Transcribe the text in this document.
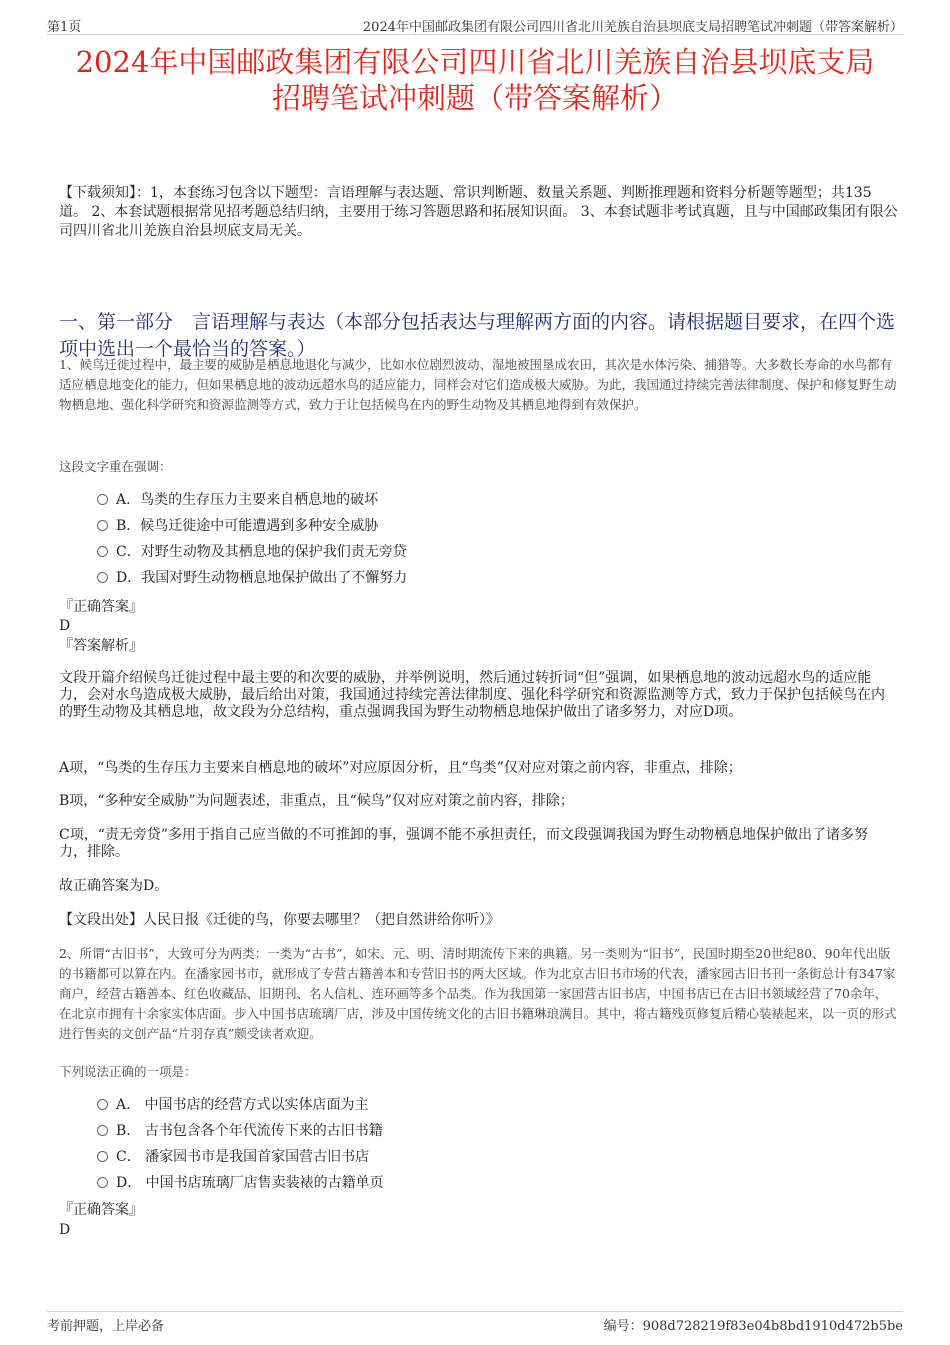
第1页	2024年中国邮政集团有限公司四川省北川羌族自治县坝底支局招聘笔试冲刺题（带答案解析）
2024年中国邮政集团有限公司四川省北川羌族自治县坝底支局
招聘笔试冲刺题（带答案解析）
【下载须知】：1，本套练习包含以下题型：言语理解与表达题、常识判断题、数量关系题、判断推理题和资料分析题等题型；共135道。 2、本套试题根据常见招考题总结归纳，主要用于练习答题思路和拓展知识面。 3、本套试题非考试真题，且与中国邮政集团有限公司四川省北川羌族自治县坝底支局无关。
一、第一部分　言语理解与表达（本部分包括表达与理解两方面的内容。请根据题目要求，在四个选项中选出一个最恰当的答案。）
1、候鸟迁徙过程中，最主要的威胁是栖息地退化与减少，比如水位剧烈波动、湿地被围垦成农田，其次是水体污染、捕猎等。大多数长寿命的水鸟都有适应栖息地变化的能力，但如果栖息地的波动远超水鸟的适应能力，同样会对它们造成极大威胁。为此，我国通过持续完善法律制度、保护和修复野生动物栖息地、强化科学研究和资源监测等方式，致力于让包括候鸟在内的野生动物及其栖息地得到有效保护。
这段文字重在强调：
A．鸟类的生存压力主要来自栖息地的破坏
B．候鸟迁徙途中可能遭遇到多种安全威胁
C．对野生动物及其栖息地的保护我们责无旁贷
D．我国对野生动物栖息地保护做出了不懈努力
『正确答案』
D
『答案解析』
文段开篇介绍候鸟迁徙过程中最主要的和次要的威胁，并举例说明，然后通过转折词“但”强调，如果栖息地的波动远超水鸟的适应能力，会对水鸟造成极大威胁，最后给出对策，我国通过持续完善法律制度、强化科学研究和资源监测等方式，致力于保护包括候鸟在内的野生动物及其栖息地，故文段为分总结构，重点强调我国为野生动物栖息地保护做出了诸多努力，对应D项。
A项，“鸟类的生存压力主要来自栖息地的破坏”对应原因分析，且“鸟类”仅对应对策之前内容，非重点，排除；
B项，“多种安全威胁”为问题表述，非重点，且“候鸟”仅对应对策之前内容，排除；
C项，“责无旁贷”多用于指自己应当做的不可推卸的事，强调不能不承担责任，而文段强调我国为野生动物栖息地保护做出了诸多努力，排除。
故正确答案为D。
【文段出处】人民日报《迁徙的鸟，你要去哪里？（把自然讲给你听）》
2、所谓“古旧书”，大致可分为两类：一类为“古书”，如宋、元、明、清时期流传下来的典籍。另一类则为“旧书”，民国时期至20世纪80、90年代出版的书籍都可以算在内。在潘家园书市，就形成了专营古籍善本和专营旧书的两大区域。作为北京古旧书市场的代表，潘家园古旧书刊一条街总计有347家商户，经营古籍善本、红色收藏品、旧期刊、名人信札、连环画等多个品类。作为我国第一家国营古旧书店，中国书店已在古旧书领域经营了70余年，在北京市拥有十余家实体店面。步入中国书店琉璃厂店，涉及中国传统文化的古旧书籍琳琅满目。其中，将古籍残页修复后精心装裱起来，以一页的形式进行售卖的文创产品“片羽存真”颇受读者欢迎。
下列说法正确的一项是：
A． 中国书店的经营方式以实体店面为主
B． 古书包含各个年代流传下来的古旧书籍
C． 潘家园书市是我国首家国营古旧书店
D． 中国书店琉璃厂店售卖装裱的古籍单页
『正确答案』
D
考前押题，上岸必备	编号：908d728219f83e04b8bd1910d472b5be
